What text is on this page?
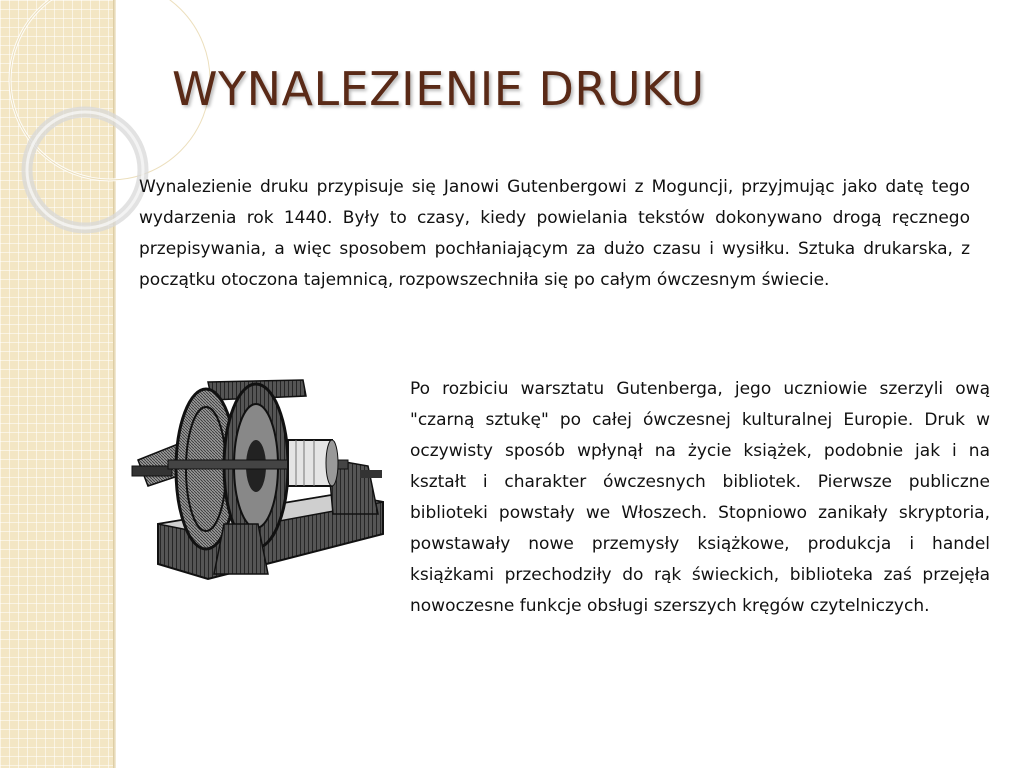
WYNALEZIENIE DRUKU

Wynalezienie druku przypisuje się Janowi Gutenbergowi z Moguncji, przyjmując jako datę tego wydarzenia rok 1440. Były to czasy, kiedy powielania tekstów dokonywano drogą ręcznego przepisywania, a więc sposobem pochłaniającym za dużo czasu i wysiłku. Sztuka drukarska, z początku otoczona tajemnicą, rozpowszechniła się po całym ówczesnym świecie.

Po rozbiciu warsztatu Gutenberga, jego uczniowie szerzyli ową "czarną sztukę" po całej ówczesnej kulturalnej Europie. Druk w oczywisty sposób wpłynął na życie książek, podobnie jak i na kształt i charakter ówczesnych bibliotek. Pierwsze publiczne biblioteki powstały we Włoszech. Stopniowo zanikały skryptoria, powstawały nowe przemysły książkowe, produkcja i handel książkami przechodziły do rąk świeckich, biblioteka zaś przejęła nowoczesne funkcje obsługi szerszych kręgów czytelniczych.
